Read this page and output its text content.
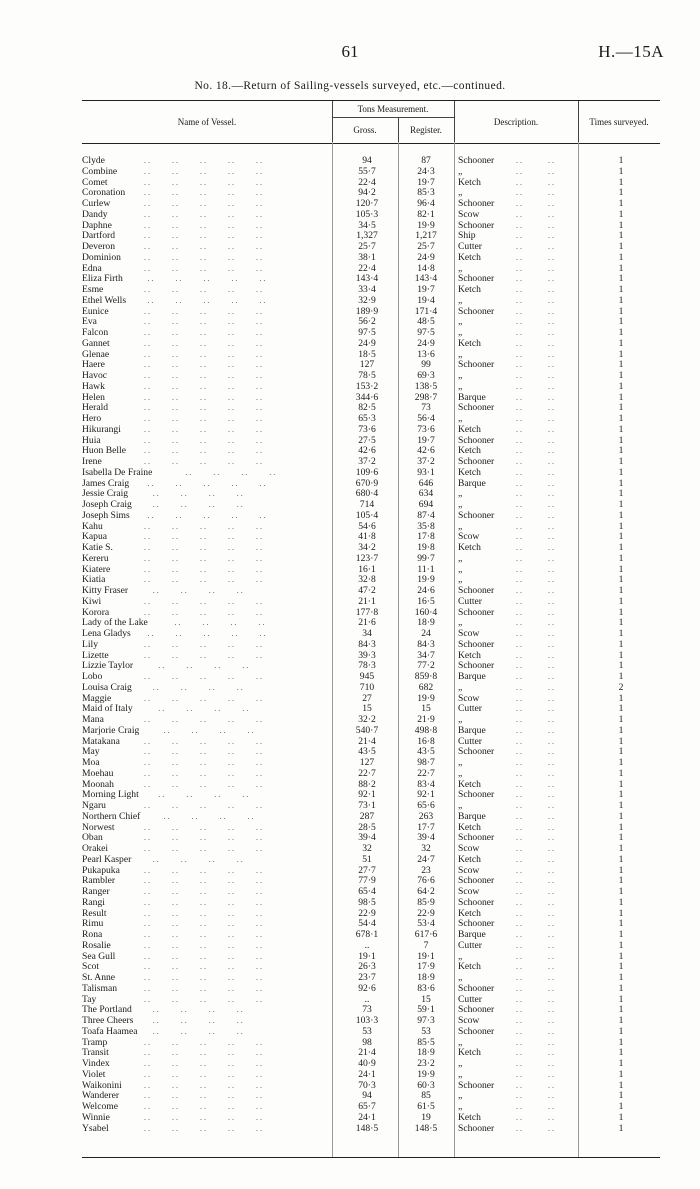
61	H.—15A
No. 18.—Return of Sailing-vessels surveyed, etc.—continued.
Name of Vessel.
Tons Measurement.
Gross.	Register.
Description.	Times surveyed.
Clyde	94	87	Schooner	1
..     ..     ..     ..     ..	..      ..
Combine	55·7	24·3	„	1
..     ..     ..     ..     ..	..      ..
Comet	22·4	19·7	Ketch	1
..     ..     ..     ..     ..	..      ..
Coronation	94·2	85·3	„	1
..     ..     ..     ..     ..	..      ..
Curlew	120·7	96·4	Schooner	1
..     ..     ..     ..     ..	..      ..
Dandy	105·3	82·1	Scow	1
..     ..     ..     ..     ..	..      ..
Daphne	34·5	19·9	Schooner	1
..     ..     ..     ..     ..	..      ..
Dartford	1,327	1,217	Ship	1
..     ..     ..     ..     ..	..      ..
Deveron	25·7	25·7	Cutter	1
..     ..     ..     ..     ..	..      ..
Dominion	38·1	24·9	Ketch	1
..     ..     ..     ..     ..	..      ..
Edna	22·4	14·8	„	1
..     ..     ..     ..     ..	..      ..
Eliza Firth	143·4	143·4	Schooner	1
..     ..     ..     ..     ..	..      ..
Esme	33·4	19·7	Ketch	1
..     ..     ..     ..     ..	..      ..
Ethel Wells	32·9	19·4	„	1
..     ..     ..     ..     ..	..      ..
Eunice	189·9	171·4	Schooner	1
..     ..     ..     ..     ..	..      ..
Eva	56·2	48·5	„	1
..     ..     ..     ..     ..	..      ..
Falcon	97·5	97·5	„	1
..     ..     ..     ..     ..	..      ..
Gannet	24·9	24·9	Ketch	1
..     ..     ..     ..     ..	..      ..
Glenae	18·5	13·6	„	1
..     ..     ..     ..     ..	..      ..
Haere	127	99	Schooner	1
..     ..     ..     ..     ..	..      ..
Havoc	78·5	69·3	„	1
..     ..     ..     ..     ..	..      ..
Hawk	153·2	138·5	„	1
..     ..     ..     ..     ..	..      ..
Helen	344·6	298·7	Barque	1
..     ..     ..     ..     ..	..      ..
Herald	82·5	73	Schooner	1
..     ..     ..     ..     ..	..      ..
Hero	65·3	56·4	„	1
..     ..     ..     ..     ..	..      ..
Hikurangi	73·6	73·6	Ketch	1
..     ..     ..     ..     ..	..      ..
Huia	27·5	19·7	Schooner	1
..     ..     ..     ..     ..	..      ..
Huon Belle	42·6	42·6	Ketch	1
..     ..     ..     ..     ..	..      ..
Irene	37·2	37·2	Schooner	1
..     ..     ..     ..     ..	..      ..
Isabella De Fraine	109·6	93·1	Ketch	1
..     ..     ..     ..	..      ..
James Craig	670·9	646	Barque	1
..     ..     ..     ..     ..	..      ..
Jessie Craig	680·4	634	„	1
..     ..     ..     ..	..      ..
Joseph Craig	714	694	„	1
..     ..     ..     ..	..      ..
Joseph Sims	105·4	87·4	Schooner	1
..     ..     ..     ..     ..	..      ..
Kahu	54·6	35·8	„	1
..     ..     ..     ..     ..	..      ..
Kapua	41·8	17·8	Scow	1
..     ..     ..     ..     ..	..      ..
Katie S.	34·2	19·8	Ketch	1
..     ..     ..     ..     ..	..      ..
Kereru	123·7	99·7	„	1
..     ..     ..     ..     ..	..      ..
Kiatere	16·1	11·1	„	1
..     ..     ..     ..     ..	..      ..
Kiatia	32·8	19·9	„	1
..     ..     ..     ..     ..	..      ..
Kitty Fraser	47·2	24·6	Schooner	1
..     ..     ..     ..	..      ..
Kiwi	21·1	16·5	Cutter	1
..     ..     ..     ..     ..	..      ..
Korora	177·8	160·4	Schooner	1
..     ..     ..     ..     ..	..      ..
Lady of the Lake	21·6	18·9	„	1
..     ..     ..     ..	..      ..
Lena Gladys	34	24	Scow	1
..     ..     ..     ..     ..	..      ..
Lily	84·3	84·3	Schooner	1
..     ..     ..     ..     ..	..      ..
Lizette	39·3	34·7	Ketch	1
..     ..     ..     ..     ..	..      ..
Lizzie Taylor	78·3	77·2	Schooner	1
..     ..     ..     ..	..      ..
Lobo	945	859·8	Barque	1
..     ..     ..     ..     ..	..      ..
Louisa Craig	710	682	„	2
..     ..     ..     ..	..      ..
Maggie	27	19·9	Scow	1
..     ..     ..     ..     ..	..      ..
Maid of Italy	15	15	Cutter	1
..     ..     ..     ..	..      ..
Mana	32·2	21·9	„	1
..     ..     ..     ..     ..	..      ..
Marjorie Craig	540·7	498·8	Barque	1
..     ..     ..     ..	..      ..
Matakana	21·4	16·8	Cutter	1
..     ..     ..     ..     ..	..      ..
May	43·5	43·5	Schooner	1
..     ..     ..     ..     ..	..      ..
Moa	127	98·7	„	1
..     ..     ..     ..     ..	..      ..
Moehau	22·7	22·7	„	1
..     ..     ..     ..     ..	..      ..
Moonah	88·2	83·4	Ketch	1
..     ..     ..     ..     ..	..      ..
Morning Light	92·1	92·1	Schooner	1
..     ..     ..     ..	..      ..
Ngaru	73·1	65·6	„	1
..     ..     ..     ..     ..	..      ..
Northern Chief	287	263	Barque	1
..     ..     ..     ..	..      ..
Norwest	28·5	17·7	Ketch	1
..     ..     ..     ..     ..	..      ..
Oban	39·4	39·4	Schooner	1
..     ..     ..     ..     ..	..      ..
Orakei	32	32	Scow	1
..     ..     ..     ..     ..	..      ..
Pearl Kasper	51	24·7	Ketch	1
..     ..     ..     ..	..      ..
Pukapuka	27·7	23	Scow	1
..     ..     ..     ..     ..	..      ..
Rambler	77·9	76·6	Schooner	1
..     ..     ..     ..     ..	..      ..
Ranger	65·4	64·2	Scow	1
..     ..     ..     ..     ..	..      ..
Rangi	98·5	85·9	Schooner	1
..     ..     ..     ..     ..	..      ..
Result	22·9	22·9	Ketch	1
..     ..     ..     ..     ..	..      ..
Rimu	54·4	53·4	Schooner	1
..     ..     ..     ..     ..	..      ..
Rona	678·1	617·6	Barque	1
..     ..     ..     ..     ..	..      ..
Rosalie	..	7	Cutter	1
..     ..     ..     ..     ..	..      ..
Sea Gull	19·1	19·1	„	1
..     ..     ..     ..     ..	..      ..
Scot	26·3	17·9	Ketch	1
..     ..     ..     ..     ..	..      ..
St. Anne	23·7	18·9	„	1
..     ..     ..     ..     ..	..      ..
Talisman	92·6	83·6	Schooner	1
..     ..     ..     ..     ..	..      ..
Tay	..	15	Cutter	1
..     ..     ..     ..     ..	..      ..
The Portland	73	59·1	Schooner	1
..     ..     ..     ..	..      ..
Three Cheers	103·3	97·3	Scow	1
..     ..     ..     ..	..      ..
Toafa Haamea	53	53	Schooner	1
..     ..     ..     ..	..      ..
Tramp	98	85·5	„	1
..     ..     ..     ..     ..	..      ..
Transit	21·4	18·9	Ketch	1
..     ..     ..     ..     ..	..      ..
Vindex	40·9	23·2	„	1
..     ..     ..     ..     ..	..      ..
Violet	24·1	19·9	„	1
..     ..     ..     ..     ..	..      ..
Waikonini	70·3	60·3	Schooner	1
..     ..     ..     ..     ..	..      ..
Wanderer	94	85	„	1
..     ..     ..     ..     ..	..      ..
Welcome	65·7	61·5	„	1
..     ..     ..     ..     ..	..      ..
Winnie	24·1	19	Ketch	1
..     ..     ..     ..     ..	..      ..
Ysabel	148·5	148·5	Schooner	1
..     ..     ..     ..     ..	..      ..
